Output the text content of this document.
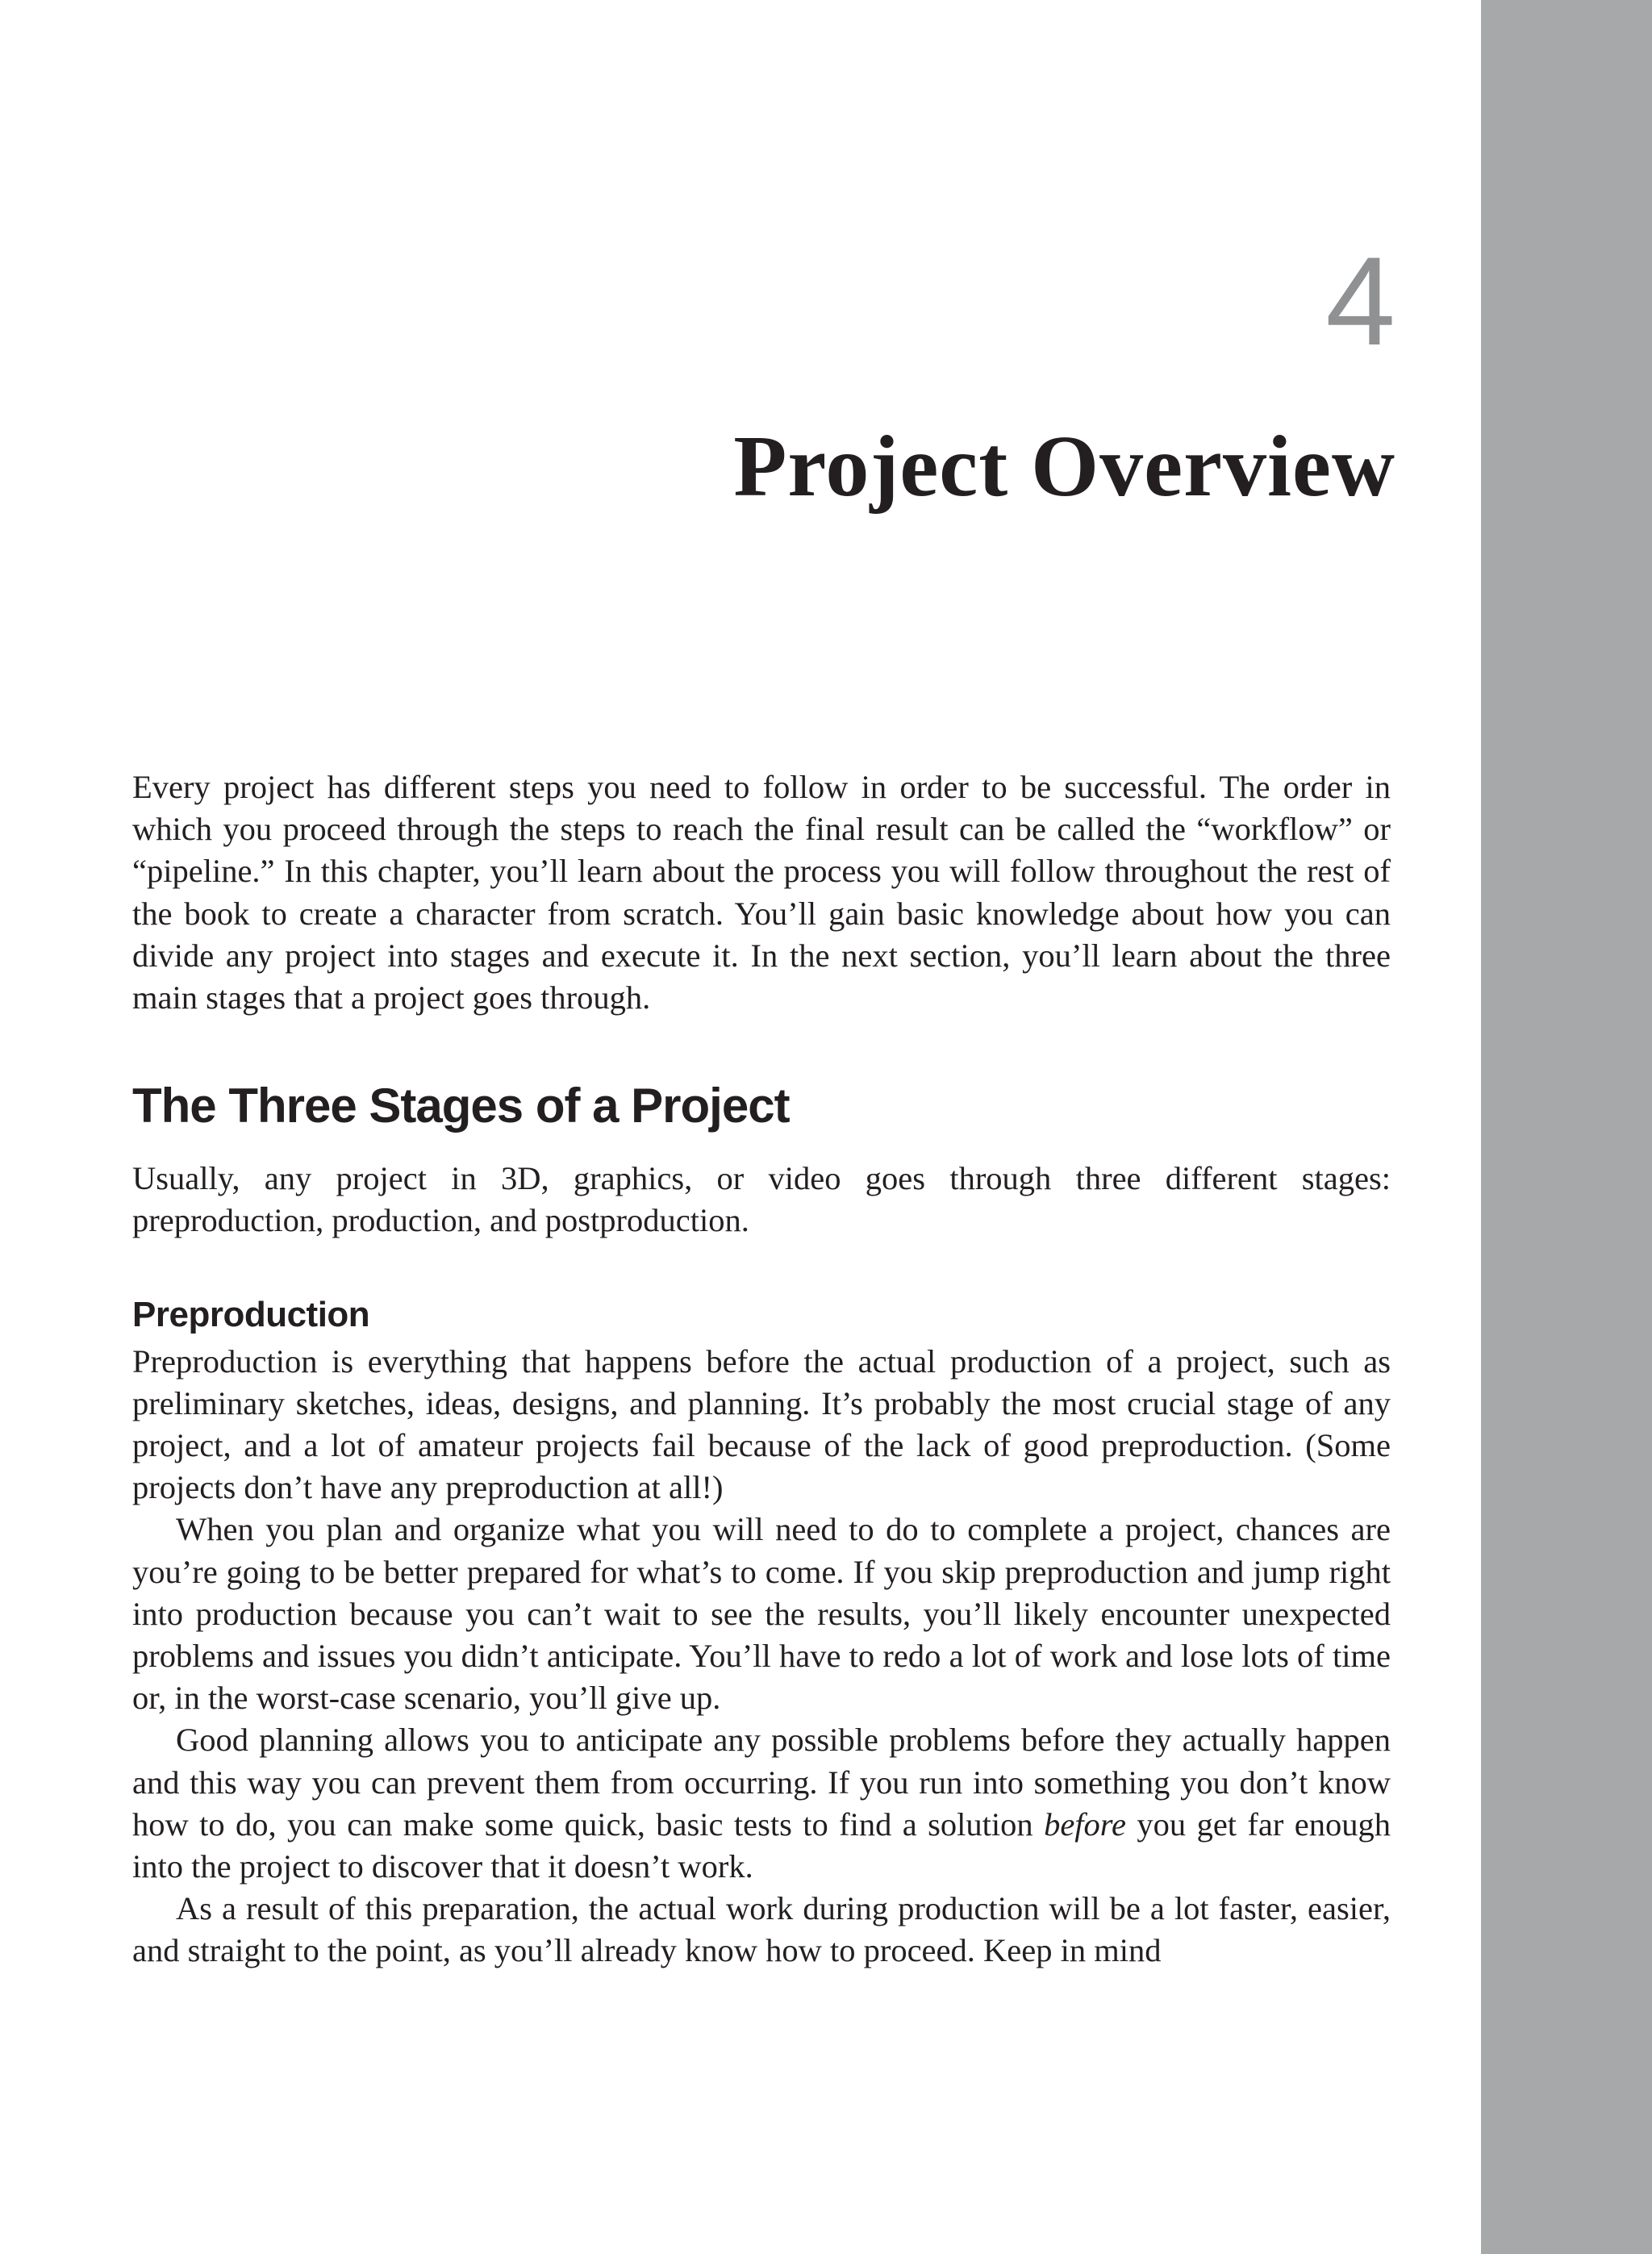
4
Project Overview

Every project has different steps you need to follow in order to be successful. The order in which you proceed through the steps to reach the final result can be called the “workflow” or “pipeline.” In this chapter, you’ll learn about the process you will follow throughout the rest of the book to create a character from scratch. You’ll gain basic knowledge about how you can divide any project into stages and execute it. In the next section, you’ll learn about the three main stages that a project goes through.

The Three Stages of a Project

Usually, any project in 3D, graphics, or video goes through three different stages: preproduction, production, and postproduction.

Preproduction

Preproduction is everything that happens before the actual production of a project, such as preliminary sketches, ideas, designs, and planning. It’s probably the most crucial stage of any project, and a lot of amateur projects fail because of the lack of good preproduction. (Some projects don’t have any preproduction at all!)

When you plan and organize what you will need to do to complete a project, chances are you’re going to be better prepared for what’s to come. If you skip preproduction and jump right into production because you can’t wait to see the results, you’ll likely encounter unexpected problems and issues you didn’t anticipate. You’ll have to redo a lot of work and lose lots of time or, in the worst-case scenario, you’ll give up.

Good planning allows you to anticipate any possible problems before they actually happen and this way you can prevent them from occurring. If you run into something you don’t know how to do, you can make some quick, basic tests to find a solution before you get far enough into the project to discover that it doesn’t work.

As a result of this preparation, the actual work during production will be a lot faster, easier, and straight to the point, as you’ll already know how to proceed. Keep in mind
